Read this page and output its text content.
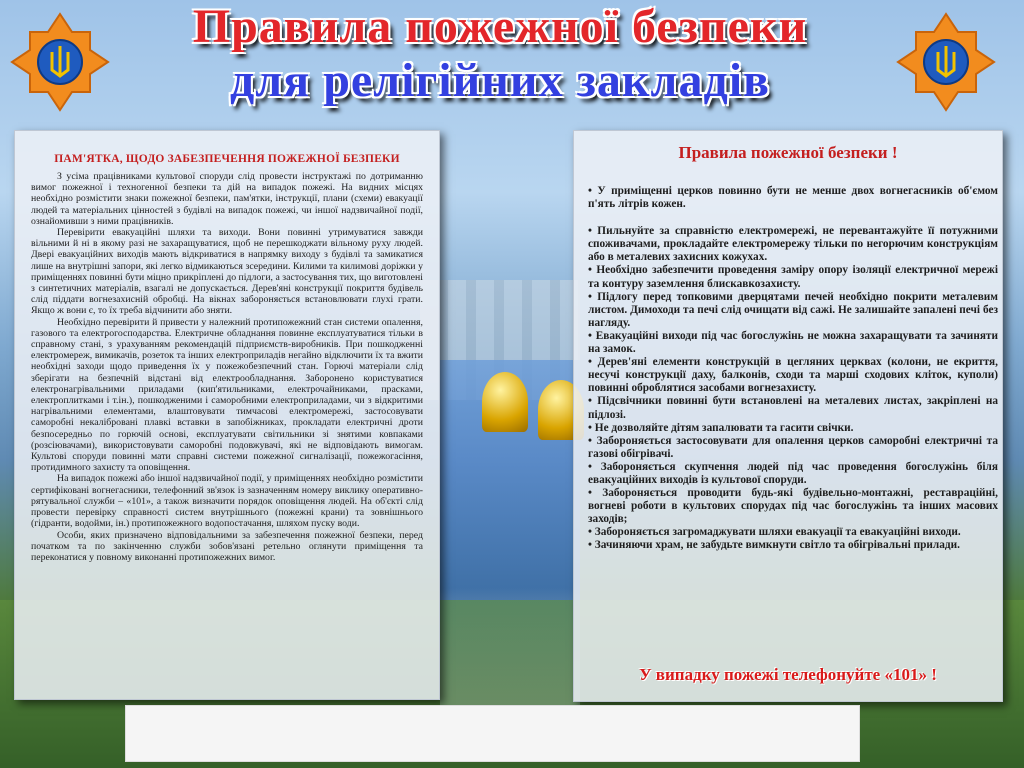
Правила пожежної безпеки
для релігійних закладів
ПАМ'ЯТКА, ЩОДО ЗАБЕЗПЕЧЕННЯ ПОЖЕЖНОЇ БЕЗПЕКИ

З усіма працівниками культової споруди слід провести інструктажі по дотриманню вимог пожежної і техногенної безпеки та дій на випадок пожежі. На видних місцях необхідно розмістити знаки пожежної безпеки, пам'ятки, інструкції, плани (схеми) евакуації людей та матеріальних цінностей з будівлі на випадок пожежі, чи іншої надзвичайної події, ознайомивши з ними працівників.

Перевірити евакуаційні шляхи та виходи. Вони повинні утримуватися завжди вільними й ні в якому разі не захаращуватися, щоб не перешкоджати вільному руху людей. Двері евакуаційних виходів мають відкриватися в напрямку виходу з будівлі та замикатися лише на внутрішні запори, які легко відмикаються зсередини. Килими та килимові доріжки у приміщеннях повинні бути міцно прикріплені до підлоги, а застосування тих, що виготовлені з синтетичних матеріалів, взагалі не допускається. Дерев'яні конструкції покриття будівель слід піддати вогнезахисній обробці. На вікнах забороняється встановлювати глухі грати. Якщо ж вони є, то їх треба відчинити або зняти.

Необхідно перевірити й привести у належний протипожежний стан системи опалення, газового та електрогосподарства. Електричне обладнання повинне експлуатуватися тільки в справному стані, з урахуванням рекомендацій підприємств-виробників. При пошкодженні електромереж, вимикачів, розеток та інших електроприладів негайно відключити їх та вжити необхідні заходи щодо приведення їх у пожежобезпечний стан. Горючі матеріали слід зберігати на безпечній відстані від електрообладнання. Заборонено користуватися електронагрівальними приладами (кип'ятильниками, електрочайниками, прасками, електроплитками і т.ін.), пошкодженими і саморобними електроприладами, чи з відкритими нагрівальними елементами, влаштовувати тимчасові електромережі, застосовувати саморобні некалібровані плавкі вставки в запобіжниках, прокладати електричні дроти безпосередньо по горючій основі, експлуатувати світильники зі знятими ковпаками (розсіювачами), використовувати саморобні подовжувачі, які не відповідають вимогам. Культові споруди повинні мати справні системи пожежної сигналізації, пожежогасіння, протидимного захисту та оповіщення.

На випадок пожежі або іншої надзвичайної події, у приміщеннях необхідно розмістити сертифіковані вогнегасники, телефонний зв'язок із зазначенням номеру виклику оперативно-рятувальної служби – «101», а також визначити порядок оповіщення людей. На об'єкті слід провести перевірку справності систем внутрішнього (пожежні крани) та зовнішнього (гідранти, водойми, ін.) протипожежного водопостачання, шляхом пуску води.

Особи, яких призначено відповідальними за забезпечення пожежної безпеки, перед початком та по закінченню служби зобов'язані ретельно оглянути приміщення та переконатися у повному виконанні протипожежних вимог.

Правила пожежної безпеки !

• У приміщенні церков повинно бути не менше двох вогнегасників об'ємом п'ять літрів кожен.

• Пильнуйте за справністю електромережі, не перевантажуйте її потужними споживачами, прокладайте електромережу тільки по негорючим конструкціям або в металевих захисних кожухах.

• Необхідно забезпечити проведення заміру опору ізоляції електричної мережі та контуру заземлення блискавкозахисту.

• Підлогу перед топковими дверцятами печей необхідно покрити металевим листом. Димоходи та печі слід очищати від сажі. Не залишайте запалені печі без нагляду.

• Евакуаційні виходи під час богослужінь не можна захаращувати та зачиняти на замок.

• Дерев'яні елементи конструкцій в цегляних церквах (колони, не екриття, несучі конструкції даху, балконів, сходи та марші сходових кліток, куполи) повинні оброблятися засобами вогнезахисту.

• Підсвічники повинні бути встановлені на металевих листах, закріплені на підлозі.

• Не дозволяйте дітям запалювати та гасити свічки.

• Забороняється застосовувати для опалення церков саморобні електричні та газові обігрівачі.

• Забороняється скупчення людей під час проведення богослужінь біля евакуаційних виходів із культової споруди.

• Забороняється проводити будь-які будівельно-монтажні, реставраційні, вогневі роботи в культових спорудах під час богослужінь та інших масових заходів;

• Забороняється загромаджувати шляхи евакуації та евакуаційні виходи.

• Зачиняючи храм, не забудьте вимкнути світло та обігрівальні прилади.

У випадку пожежі телефонуйте «101» !
